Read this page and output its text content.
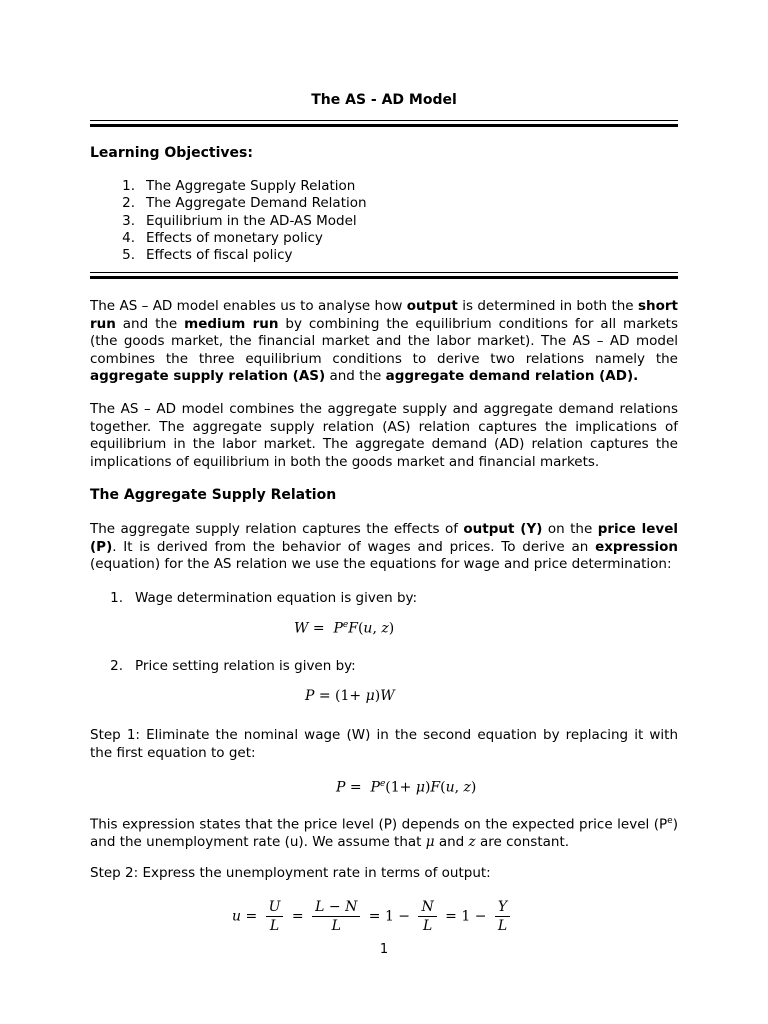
The AS - AD Model
Learning Objectives:
1. The Aggregate Supply Relation
2. The Aggregate Demand Relation
3. Equilibrium in the AD-AS Model
4. Effects of monetary policy
5. Effects of fiscal policy
The AS – AD model enables us to analyse how output is determined in both the short run and the medium run by combining the equilibrium conditions for all markets (the goods market, the financial market and the labor market). The AS – AD model combines the three equilibrium conditions to derive two relations namely the aggregate supply relation (AS) and the aggregate demand relation (AD).
The AS – AD model combines the aggregate supply and aggregate demand relations together. The aggregate supply relation (AS) relation captures the implications of equilibrium in the labor market. The aggregate demand (AD) relation captures the implications of equilibrium in both the goods market and financial markets.
The Aggregate Supply Relation
The aggregate supply relation captures the effects of output (Y) on the price level (P). It is derived from the behavior of wages and prices. To derive an expression (equation) for the AS relation we use the equations for wage and price determination:
1. Wage determination equation is given by:
$W = P^eF(u$, z)
2. Price setting relation is given by:
P = (1+ μ)W
Step 1: Eliminate the nominal wage (W) in the second equation by replacing it with the first equation to get:
$P = P^e(1+ \mu)F(u$, z)
This expression states that the price level (P) depends on the expected price level $(P^e)$ and the unemployment rate (u). We assume that μ and z are constant.
Step 2: Express the unemployment rate in terms of output:
$u = \frac{U}{L} = \frac{L - N}{L} = 1 - \frac{N}{L} = 1 - \frac{Y}{L}$
1
